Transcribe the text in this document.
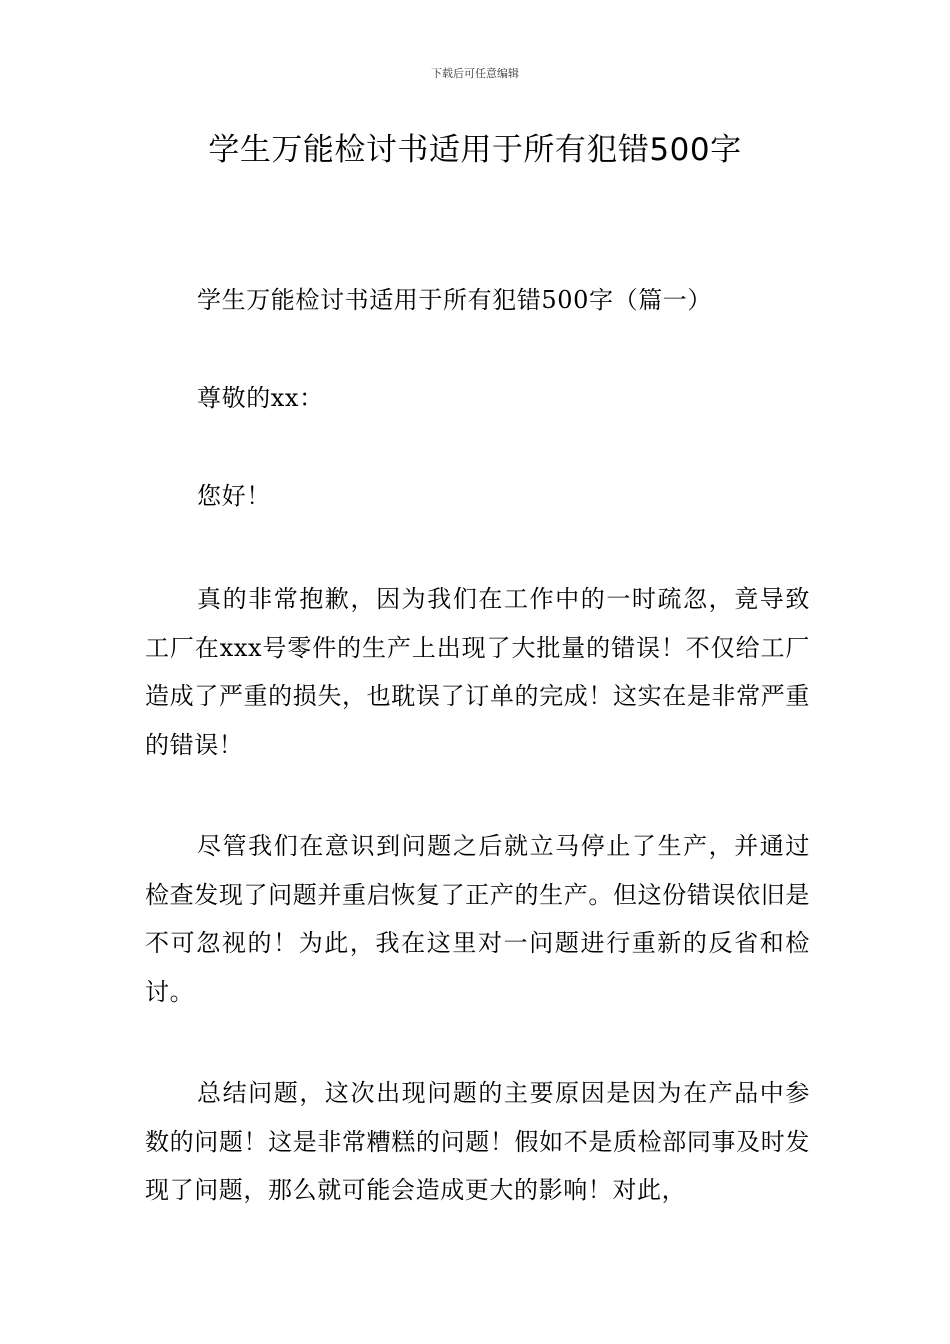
下载后可任意编辑
学生万能检讨书适用于所有犯错500字

学生万能检讨书适用于所有犯错500字（篇一）

尊敬的xx：

您好！

真的非常抱歉，因为我们在工作中的一时疏忽，竟导致工厂在xxx号零件的生产上出现了大批量的错误！不仅给工厂造成了严重的损失，也耽误了订单的完成！这实在是非常严重的错误！

尽管我们在意识到问题之后就立马停止了生产，并通过检查发现了问题并重启恢复了正产的生产。但这份错误依旧是不可忽视的！为此，我在这里对一问题进行重新的反省和检讨。

总结问题，这次出现问题的主要原因是因为在产品中参数的问题！这是非常糟糕的问题！假如不是质检部同事及时发现了问题，那么就可能会造成更大的影响！对此，
